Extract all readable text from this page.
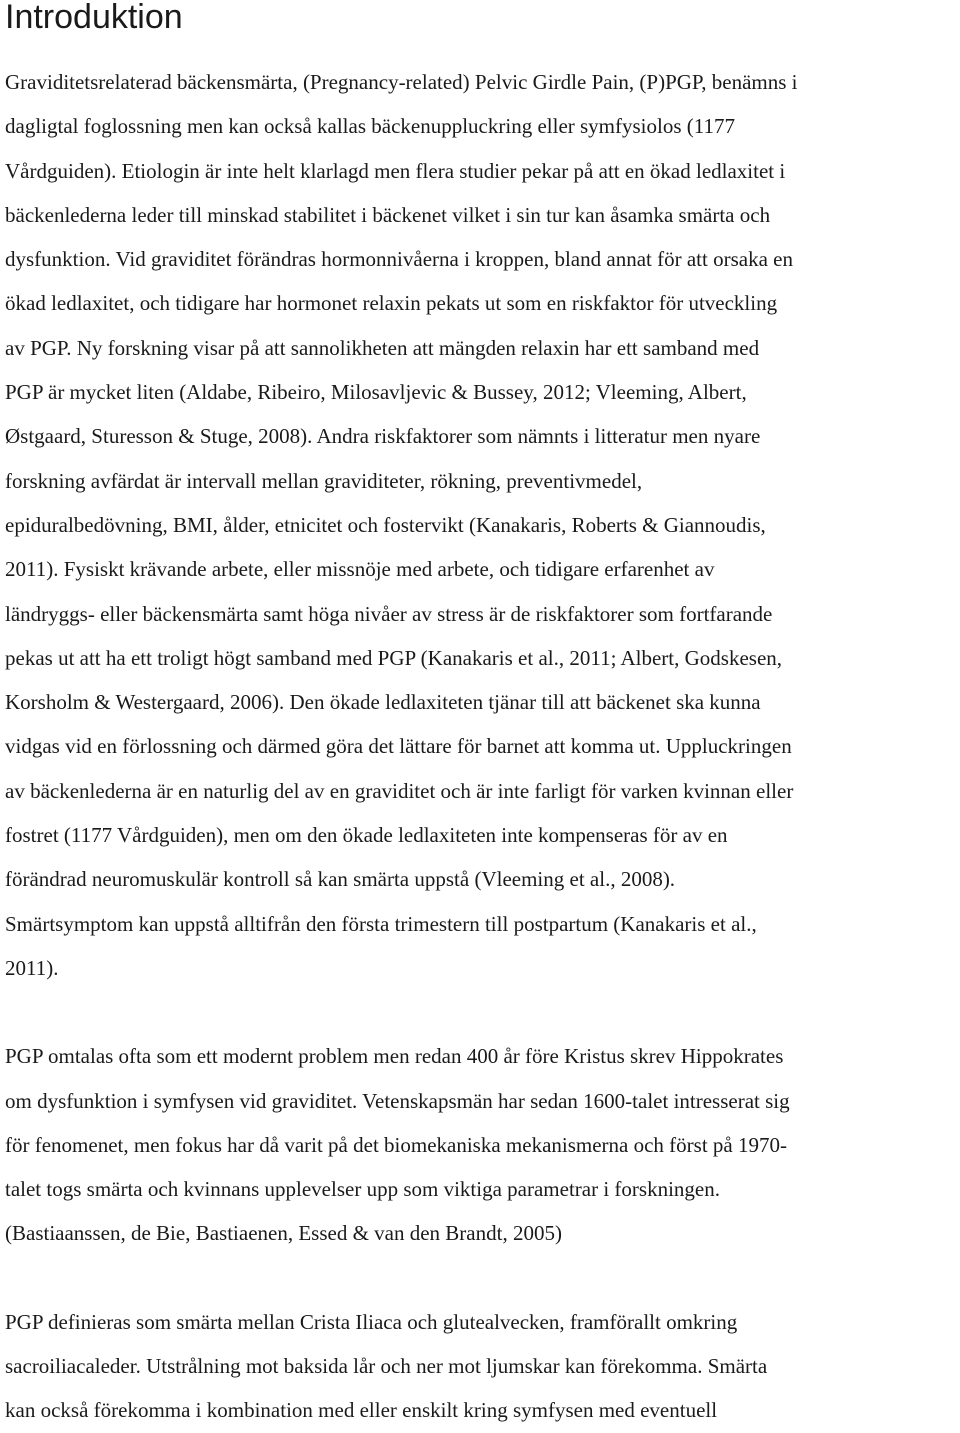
Introduktion
Graviditetsrelaterad bäckensmärta, (Pregnancy-related) Pelvic Girdle Pain, (P)PGP, benämns i
dagligtal foglossning men kan också kallas bäckenuppluckring eller symfysiolos (1177
Vårdguiden). Etiologin är inte helt klarlagd men flera studier pekar på att en ökad ledlaxitet i
bäckenlederna leder till minskad stabilitet i bäckenet vilket i sin tur kan åsamka smärta och
dysfunktion. Vid graviditet förändras hormonnivåerna i kroppen, bland annat för att orsaka en
ökad ledlaxitet, och tidigare har hormonet relaxin pekats ut som en riskfaktor för utveckling
av PGP. Ny forskning visar på att sannolikheten att mängden relaxin har ett samband med
PGP är mycket liten (Aldabe, Ribeiro, Milosavljevic & Bussey, 2012; Vleeming, Albert,
Østgaard, Sturesson & Stuge, 2008). Andra riskfaktorer som nämnts i litteratur men nyare
forskning avfärdat är intervall mellan graviditeter, rökning, preventivmedel,
epiduralbedövning, BMI, ålder, etnicitet och fostervikt (Kanakaris, Roberts & Giannoudis,
2011). Fysiskt krävande arbete, eller missnöje med arbete, och tidigare erfarenhet av
ländryggs- eller bäckensmärta samt höga nivåer av stress är de riskfaktorer som fortfarande
pekas ut att ha ett troligt högt samband med PGP (Kanakaris et al., 2011; Albert, Godskesen,
Korsholm & Westergaard, 2006). Den ökade ledlaxiteten tjänar till att bäckenet ska kunna
vidgas vid en förlossning och därmed göra det lättare för barnet att komma ut. Uppluckringen
av bäckenlederna är en naturlig del av en graviditet och är inte farligt för varken kvinnan eller
fostret (1177 Vårdguiden), men om den ökade ledlaxiteten inte kompenseras för av en
förändrad neuromuskulär kontroll så kan smärta uppstå (Vleeming et al., 2008).
Smärtsymptom kan uppstå alltifrån den första trimestern till postpartum (Kanakaris et al.,
2011).
PGP omtalas ofta som ett modernt problem men redan 400 år före Kristus skrev Hippokrates
om dysfunktion i symfysen vid graviditet. Vetenskapsmän har sedan 1600-talet intresserat sig
för fenomenet, men fokus har då varit på det biomekaniska mekanismerna och först på 1970-
talet togs smärta och kvinnans upplevelser upp som viktiga parametrar i forskningen.
(Bastiaanssen, de Bie, Bastiaenen, Essed & van den Brandt, 2005)
PGP definieras som smärta mellan Crista Iliaca och glutealvecken, framförallt omkring
sacroiliacaleder. Utstrålning mot baksida lår och ner mot ljumskar kan förekomma. Smärta
kan också förekomma i kombination med eller enskilt kring symfysen med eventuell
